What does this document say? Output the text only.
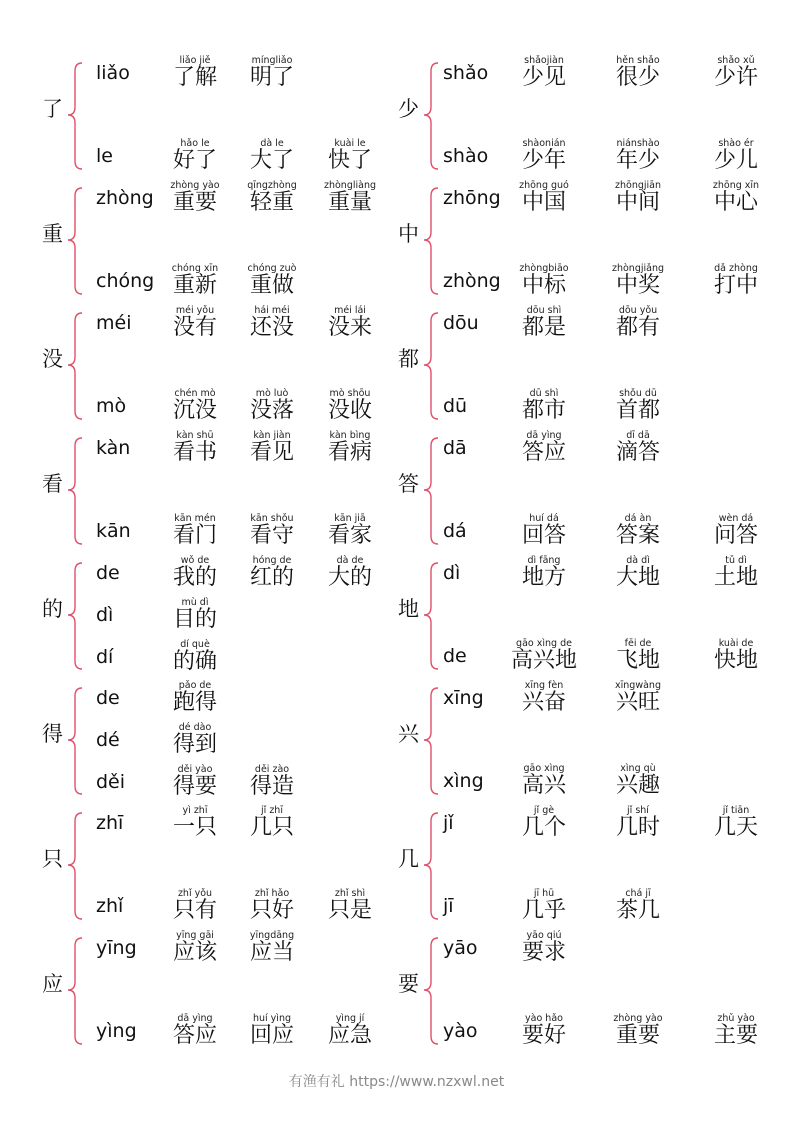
了
liǎo
liǎo jiě
了解
míngliǎo
明了
le
hǎo le
好了
dà le
大了
kuài le
快了
重
zhòng
zhòng yào
重要
qīngzhòng
轻重
zhòngliàng
重量
chóng
chóng xīn
重新
chóng zuò
重做
没
méi
méi yǒu
没有
hái méi
还没
méi lái
没来
mò
chén mò
沉没
mò luò
没落
mò shōu
没收
看
kàn
kàn shū
看书
kàn jiàn
看见
kàn bìng
看病
kān
kān mén
看门
kān shǒu
看守
kān jiā
看家
的
de
wǒ de
我的
hóng de
红的
dà de
大的
dì
mù dì
目的
dí
dí què
的确
得
de
pǎo de
跑得
dé
dé dào
得到
děi
děi yào
得要
děi zào
得造
只
zhī
yì zhī
一只
jǐ zhī
几只
zhǐ
zhǐ yǒu
只有
zhǐ hǎo
只好
zhǐ shì
只是
应
yīng
yīng gāi
应该
yīngdāng
应当
yìng
dā yìng
答应
huí yìng
回应
yìng jí
应急
少
shǎo
shǎojiàn
少见
hěn shǎo
很少
shǎo xǔ
少许
shào
shàonián
少年
niánshào
年少
shào ér
少儿
中
zhōng
zhōng guó
中国
zhōngjiān
中间
zhōng xīn
中心
zhòng
zhòngbiāo
中标
zhòngjiǎng
中奖
dǎ zhòng
打中
都
dōu
dōu shì
都是
dōu yǒu
都有
dū
dū shì
都市
shǒu dū
首都
答
dā
dā yìng
答应
dī dā
滴答
dá
huí dá
回答
dá àn
答案
wèn dá
问答
地
dì
dì fāng
地方
dà dì
大地
tǔ dì
土地
de
gāo xìng de
高兴地
fēi de
飞地
kuài de
快地
兴
xīng
xīng fèn
兴奋
xīngwàng
兴旺
xìng
gāo xìng
高兴
xìng qù
兴趣
几
jǐ
jǐ gè
几个
jǐ shí
几时
jǐ tiān
几天
jī
jī hū
几乎
chá jī
茶几
要
yāo
yāo qiú
要求
yào
yào hǎo
要好
zhòng yào
重要
zhǔ yào
主要
有渔有礼 https://www.nzxwl.net
